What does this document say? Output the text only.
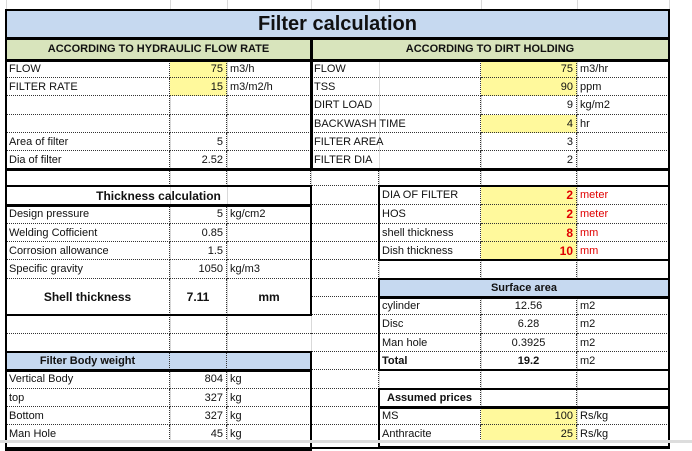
Filter calculation
ACCORDING TO HYDRAULIC FLOW RATE	ACCORDING TO DIRT HOLDING
FLOW	75 m3/h
FILTER RATE	15 m3/m2/h
Area of filter	5
Dia of filter	2.52
FLOW	75 m3/hr
TSS	90 ppm
DIRT LOAD	9 kg/m2
BACKWASH TIME	4 hr
FILTER AREA	3
FILTER DIA	2
Thickness calculation
Design pressure	5 kg/cm2
Welding Cofficient	0.85
Corrosion allowance	1.5
Specific gravity	1050 kg/m3
Shell thickness	7.11	mm
DIA OF FILTER	2 meter
HOS	2 meter
shell thickness	8 mm
Dish thickness	10 mm
Surface area
cylinder	12.56	m2
Disc	6.28	m2
Man hole	0.3925	m2
Total	19.2	m2
Assumed prices
MS	100 Rs/kg
Anthracite	25 Rs/kg
Filter Body weight
Vertical Body	804 kg
top	327 kg
Bottom	327 kg
Man Hole	45 kg
